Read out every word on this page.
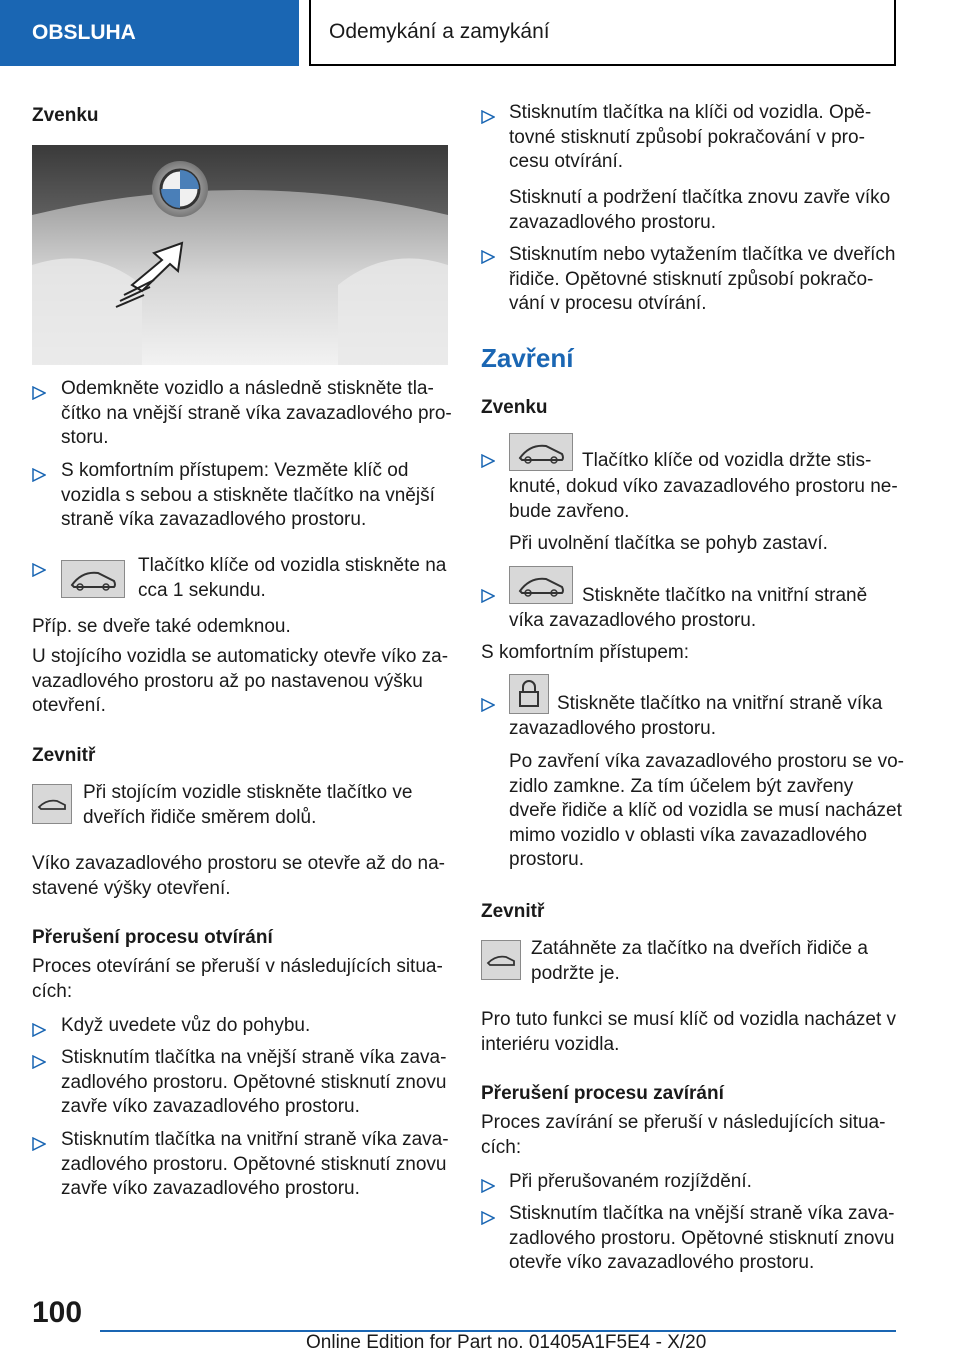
OBSLUHA	Odemykání a zamykání
Zvenku
Odemkněte vozidlo a následně stiskněte tla-
čítko na vnější straně víka zavazadlového pro-
storu.
S komfortním přístupem: Vezměte klíč od
vozidla s sebou a stiskněte tlačítko na vnější
straně víka zavazadlového prostoru.
Tlačítko klíče od vozidla stiskněte na
cca 1 sekundu.
Příp. se dveře také odemknou.
U stojícího vozidla se automaticky otevře víko za-
vazadlového prostoru až po nastavenou výšku
otevření.
Zevnitř
Při stojícím vozidle stiskněte tlačítko ve
dveřích řidiče směrem dolů.
Víko zavazadlového prostoru se otevře až do na-
stavené výšky otevření.
Přerušení procesu otvírání
Proces otevírání se přeruší v následujících situa-
cích:
Když uvedete vůz do pohybu.
Stisknutím tlačítka na vnější straně víka zava-
zadlového prostoru. Opětovné stisknutí znovu
zavře víko zavazadlového prostoru.
Stisknutím tlačítka na vnitřní straně víka zava-
zadlového prostoru. Opětovné stisknutí znovu
zavře víko zavazadlového prostoru.
Stisknutím tlačítka na klíči od vozidla. Opě-
tovné stisknutí způsobí pokračování v pro-
cesu otvírání.
Stisknutí a podržení tlačítka znovu zavře víko
zavazadlového prostoru.
Stisknutím nebo vytažením tlačítka ve dveřích
řidiče. Opětovné stisknutí způsobí pokračo-
vání v procesu otvírání.
Zavření
Zvenku
Tlačítko klíče od vozidla držte stis-
knuté, dokud víko zavazadlového prostoru ne-
bude zavřeno.
Při uvolnění tlačítka se pohyb zastaví.
Stiskněte tlačítko na vnitřní straně
víka zavazadlového prostoru.
S komfortním přístupem:
Stiskněte tlačítko na vnitřní straně víka
zavazadlového prostoru.
Po zavření víka zavazadlového prostoru se vo-
zidlo zamkne. Za tím účelem být zavřeny
dveře řidiče a klíč od vozidla se musí nacházet
mimo vozidlo v oblasti víka zavazadlového
prostoru.
Zevnitř
Zatáhněte za tlačítko na dveřích řidiče a
podržte je.
Pro tuto funkci se musí klíč od vozidla nacházet v
interiéru vozidla.
Přerušení procesu zavírání
Proces zavírání se přeruší v následujících situa-
cích:
Při přerušovaném rozjíždění.
Stisknutím tlačítka na vnější straně víka zava-
zadlového prostoru. Opětovné stisknutí znovu
otevře víko zavazadlového prostoru.
100
Online Edition for Part no. 01405A1F5E4 - X/20
